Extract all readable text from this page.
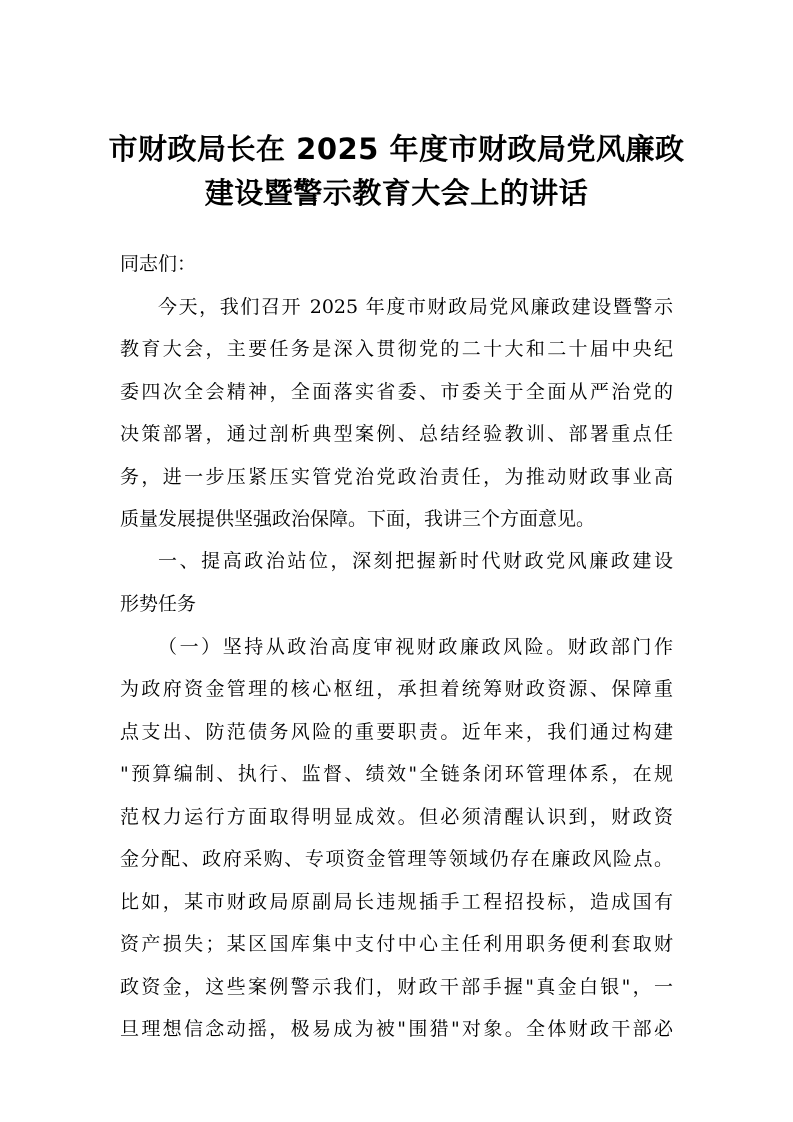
市财政局长在 2025 年度市财政局党风廉政
建设暨警示教育大会上的讲话
同志们：
今天，我们召开 2025 年度市财政局党风廉政建设暨警示
教育大会，主要任务是深入贯彻党的二十大和二十届中央纪
委四次全会精神，全面落实省委、市委关于全面从严治党的
决策部署，通过剖析典型案例、总结经验教训、部署重点任
务，进一步压紧压实管党治党政治责任，为推动财政事业高
质量发展提供坚强政治保障。下面，我讲三个方面意见。
一、提高政治站位，深刻把握新时代财政党风廉政建设
形势任务
（一）坚持从政治高度审视财政廉政风险。财政部门作
为政府资金管理的核心枢纽，承担着统筹财政资源、保障重
点支出、防范债务风险的重要职责。近年来，我们通过构建
"预算编制、执行、监督、绩效"全链条闭环管理体系，在规
范权力运行方面取得明显成效。但必须清醒认识到，财政资
金分配、政府采购、专项资金管理等领域仍存在廉政风险点。
比如，某市财政局原副局长违规插手工程招投标，造成国有
资产损失；某区国库集中支付中心主任利用职务便利套取财
政资金，这些案例警示我们，财政干部手握"真金白银"，一
旦理想信念动摇，极易成为被"围猎"对象。全体财政干部必
